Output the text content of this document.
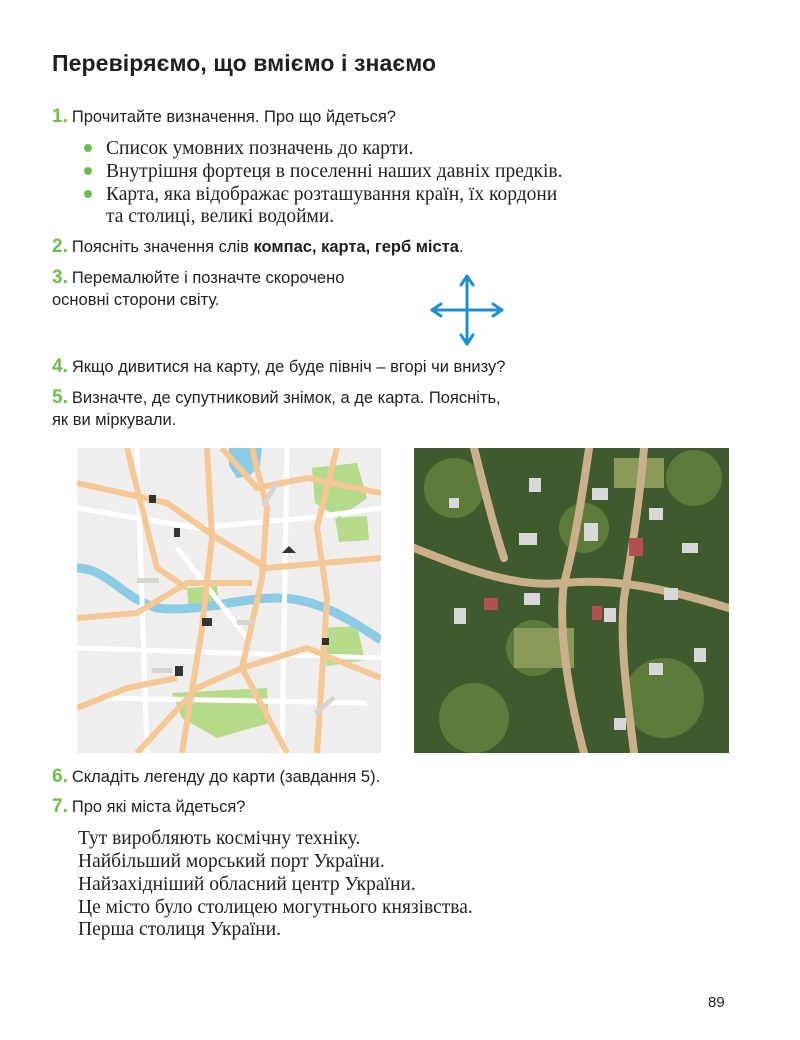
Перевіряємо, що вміємо і знаємо
1. Прочитайте визначення. Про що йдеться?
Список умовних позначень до карти.
Внутрішня фортеця в поселенні наших давніх предків.
Карта, яка відображає розташування країн, їх кордони
та столиці, великі водойми.
2. Поясніть значення слів компас, карта, герб міста.
3. Перемалюйте і позначте скорочено
основні сторони світу.
4. Якщо дивитися на карту, де буде північ – вгорі чи внизу?
5. Визначте, де супутниковий знімок, а де карта. Поясніть,
як ви міркували.
6. Складіть легенду до карти (завдання 5).
7. Про які міста йдеться?
Тут виробляють космічну техніку.
Найбільший морський порт України.
Найзахідніший обласний центр України.
Це місто було столицею могутнього князівства.
Перша столиця України.
89
